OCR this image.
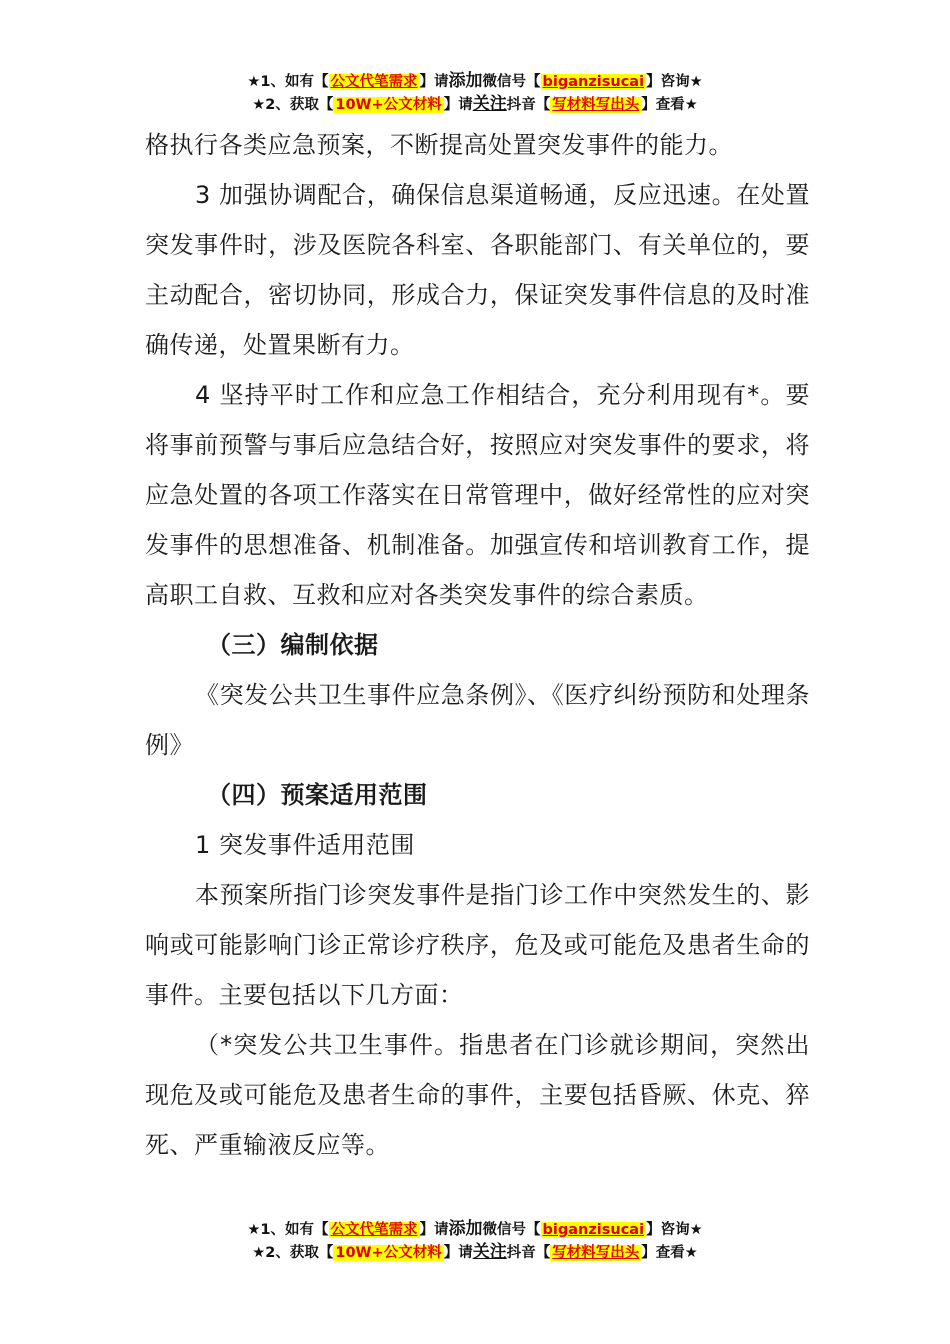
★1、如有【 公文代笔需求 】请添加微信号【 biganzisucai 】咨询★
★2、获取【 10W+公文材料 】请关注抖音【 写材料写出头 】查看★

格执行各类应急预案，不断提高处置突发事件的能力。

3 加强协调配合，确保信息渠道畅通，反应迅速。在处置突发事件时，涉及医院各科室、各职能部门、有关单位的，要主动配合，密切协同，形成合力，保证突发事件信息的及时准确传递，处置果断有力。

4 坚持平时工作和应急工作相结合，充分利用现有*。要将事前预警与事后应急结合好，按照应对突发事件的要求，将应急处置的各项工作落实在日常管理中，做好经常性的应对突发事件的思想准备、机制准备。加强宣传和培训教育工作，提高职工自救、互救和应对各类突发事件的综合素质。

（三）编制依据

《突发公共卫生事件应急条例》、《医疗纠纷预防和处理条例》

（四）预案适用范围

1 突发事件适用范围

本预案所指门诊突发事件是指门诊工作中突然发生的、影响或可能影响门诊正常诊疗秩序，危及或可能危及患者生命的事件。主要包括以下几方面：

（*突发公共卫生事件。指患者在门诊就诊期间，突然出现危及或可能危及患者生命的事件，主要包括昏厥、休克、猝死、严重输液反应等。

★1、如有【 公文代笔需求 】请添加微信号【 biganzisucai 】咨询★
★2、获取【 10W+公文材料 】请关注抖音【 写材料写出头 】查看★
